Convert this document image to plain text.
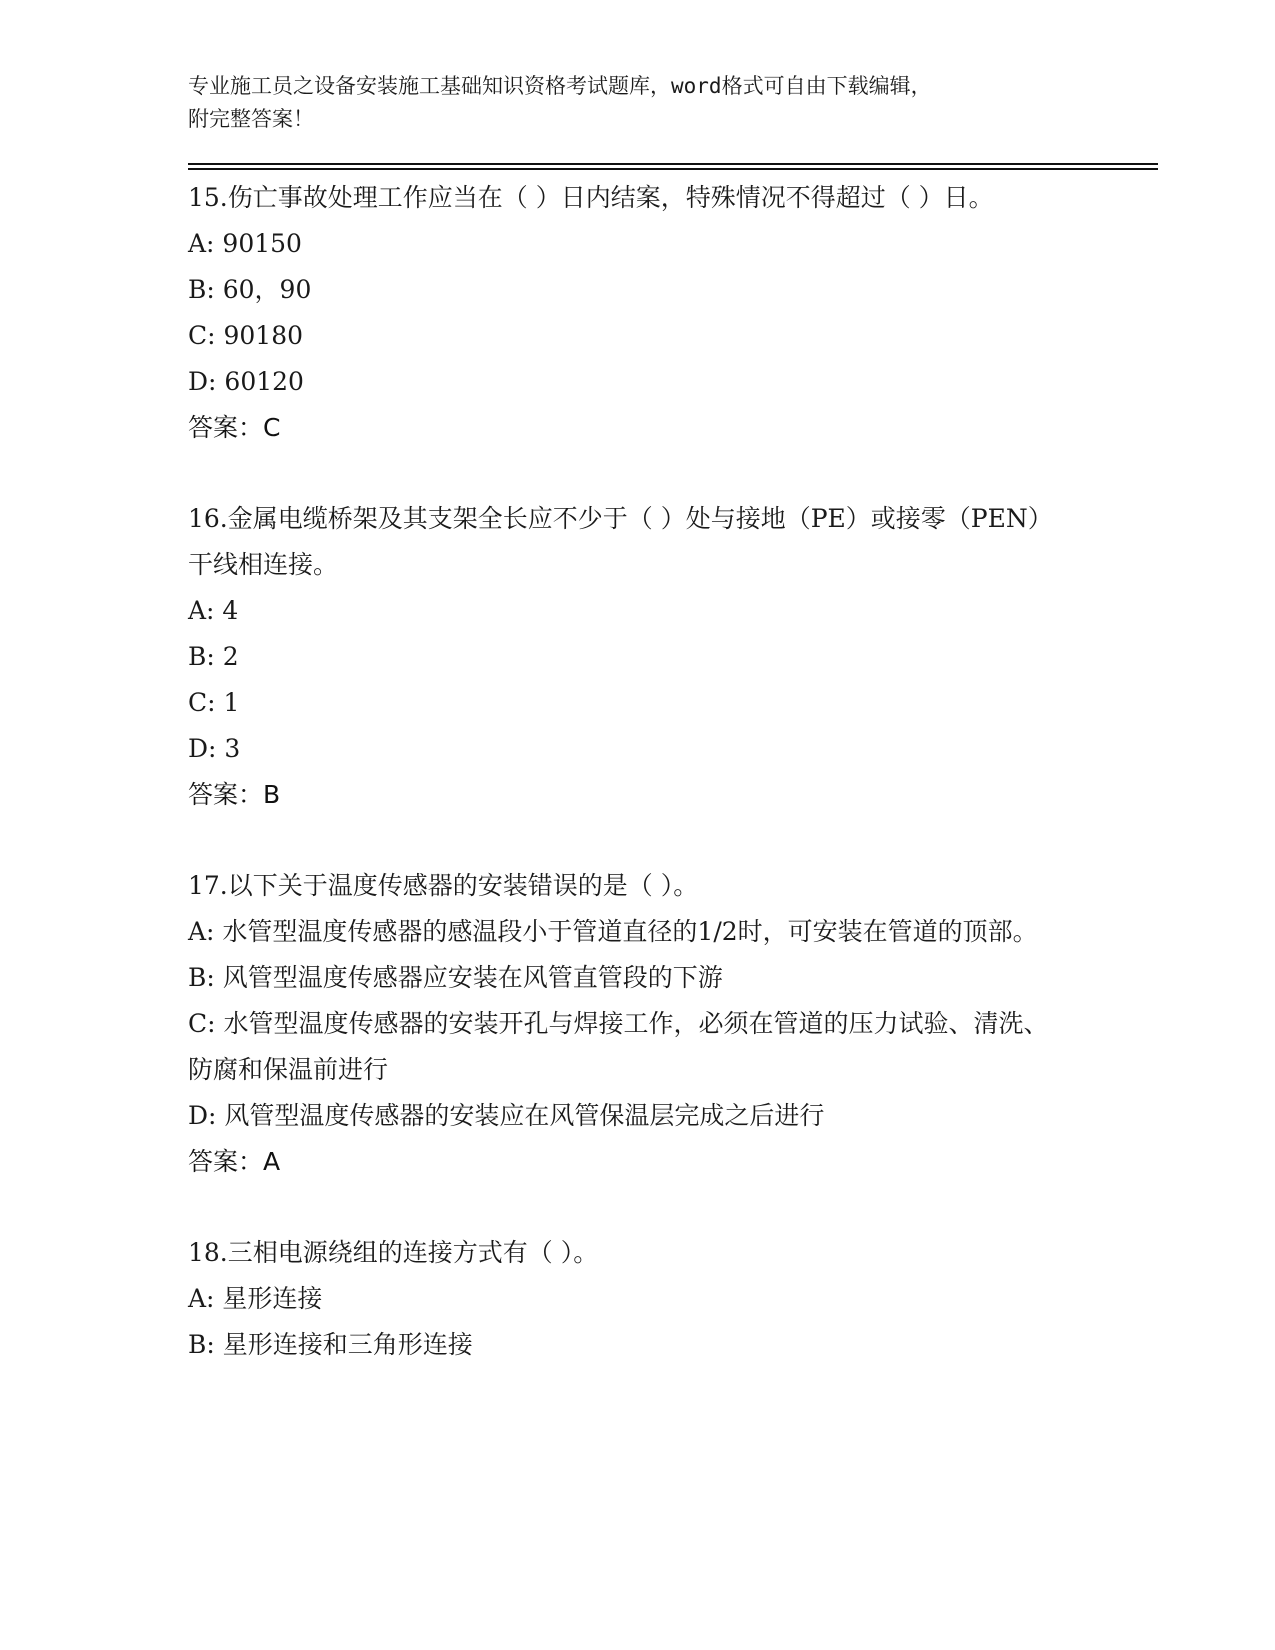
专业施工员之设备安装施工基础知识资格考试题库，word格式可自由下载编辑，
附完整答案！
15.伤亡事故处理工作应当在（ ）日内结案，特殊情况不得超过（ ）日。
A: 90150
B: 60，90
C: 90180
D: 60120
答案：C
16.金属电缆桥架及其支架全长应不少于（ ）处与接地（PE）或接零（PEN）干线相连接。
A: 4
B: 2
C: 1
D: 3
答案：B
17.以下关于温度传感器的安装错误的是（ ）。
A: 水管型温度传感器的感温段小于管道直径的1/2时，可安装在管道的顶部。
B: 风管型温度传感器应安装在风管直管段的下游
C: 水管型温度传感器的安装开孔与焊接工作，必须在管道的压力试验、清洗、防腐和保温前进行
D: 风管型温度传感器的安装应在风管保温层完成之后进行
答案：A
18.三相电源绕组的连接方式有（ ）。
A: 星形连接
B: 星形连接和三角形连接
